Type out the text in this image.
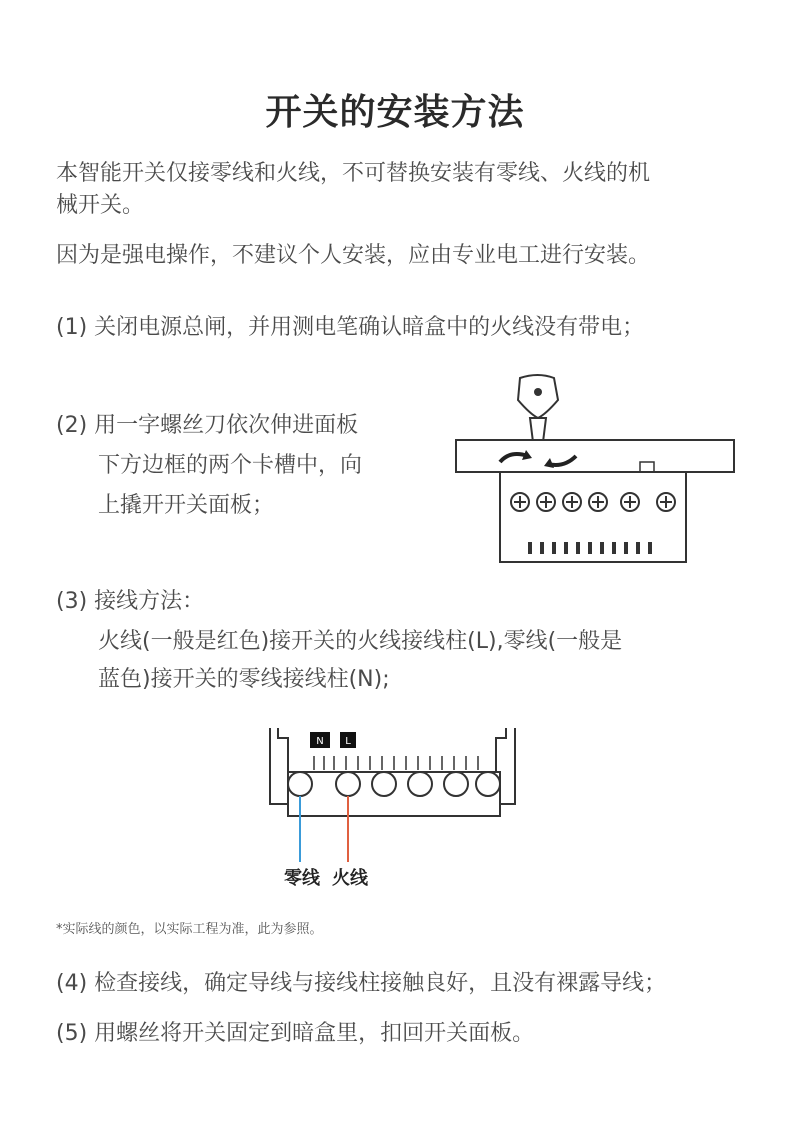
开关的安装方法
本智能开关仅接零线和火线，不可替换安装有零线、火线的机
械开关。
因为是强电操作，不建议个人安装，应由专业电工进行安装。
(1) 关闭电源总闸，并用测电笔确认暗盒中的火线没有带电；
(2) 用一字螺丝刀依次伸进面板
下方边框的两个卡槽中，向
上撬开开关面板；
(3) 接线方法：
火线(一般是红色)接开关的火线接线柱(L),零线(一般是
蓝色)接开关的零线接线柱(N);
N L
零线 火线
*实际线的颜色，以实际工程为准，此为参照。
(4) 检查接线，确定导线与接线柱接触良好，且没有裸露导线；
(5) 用螺丝将开关固定到暗盒里，扣回开关面板。
